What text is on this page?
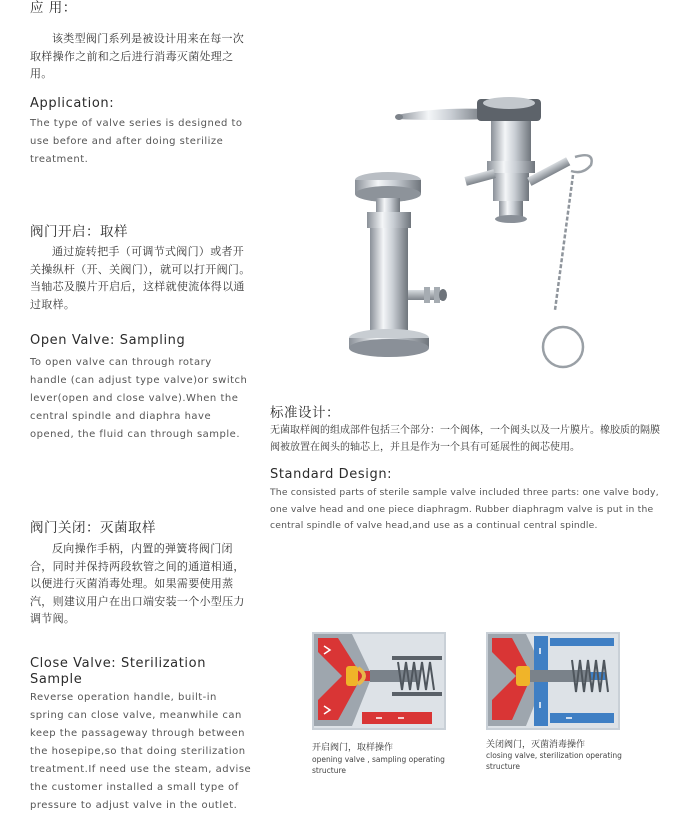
应 用：
该类型阀门系列是被设计用来在每一次取样操作之前和之后进行消毒灭菌处理之用。
Application:
The type of valve series is designed to use before and after doing sterilize treatment.
阀门开启：取样
通过旋转把手（可调节式阀门）或者开关操纵杆（开、关阀门），就可以打开阀门。当轴芯及膜片开启后，这样就使流体得以通过取样。
Open Valve: Sampling
To open valve can through rotary handle (can adjust type valve)or switch lever(open and close valve).When the central spindle and diaphra have opened, the fluid can through sample.
阀门关闭：灭菌取样
反向操作手柄，内置的弹簧将阀门闭合，同时并保持两段软管之间的通道相通，以便进行灭菌消毒处理。如果需要使用蒸汽，则建议用户在出口端安装一个小型压力调节阀。
Close Valve: Sterilization Sample
Reverse operation handle, built-in spring can close valve, meanwhile can keep the passageway through between the hosepipe,so that doing sterilization treatment.If need use the steam, advise the customer installed a small type of pressure to adjust valve in the outlet.
标准设计：
无菌取样阀的组成部件包括三个部分：一个阀体，一个阀头以及一片膜片。橡胶质的隔膜阀被放置在阀头的轴芯上，并且是作为一个具有可延展性的阀芯使用。
Standard Design:
The consisted parts of sterile sample valve included three parts: one valve body, one valve head and one piece diaphragm. Rubber diaphragm valve is put in the central spindle of valve head,and use as a continual central spindle.
开启阀门，取样操作
opening valve , sampling operating structure
关闭阀门，灭菌消毒操作
closing valve, sterilization operating structure
